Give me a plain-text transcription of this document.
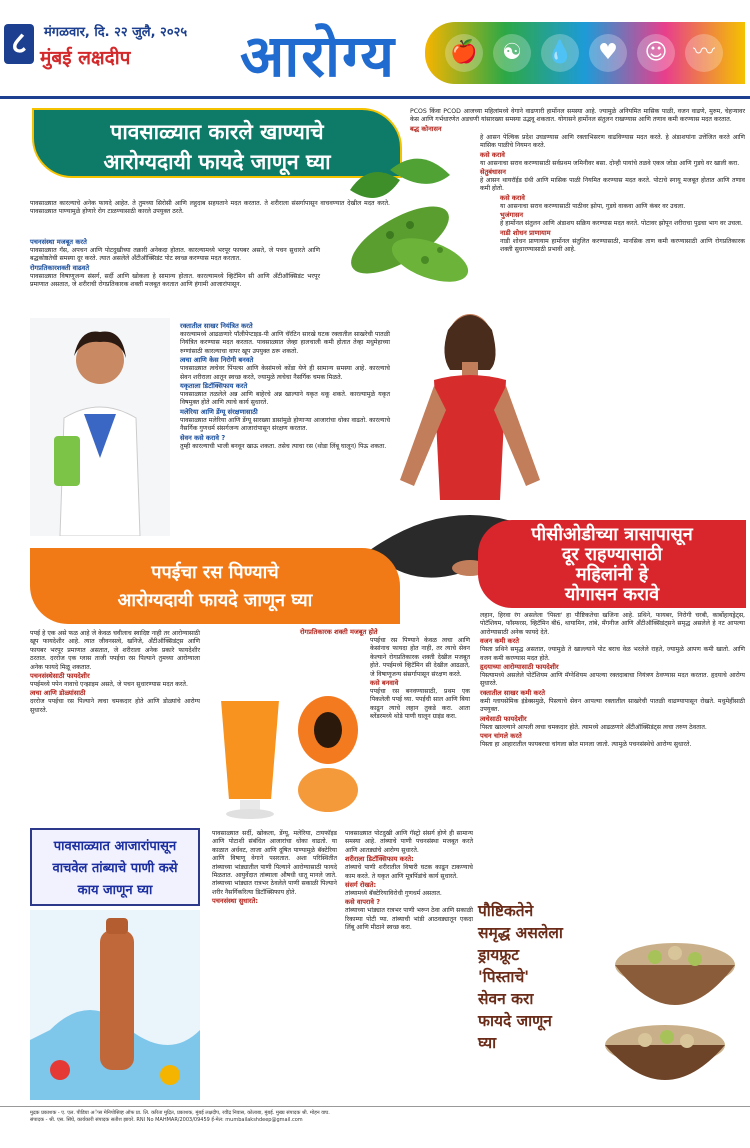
८	मंगळवार, दि. २२ जुलै, २०२५
मुंबई लक्षदीप आरोग्य 🍎	☯	💧	♥	☺	〰
पावसाळ्यात कारले खाण्याचे
आरोग्यदायी फायदे जाणून घ्या
पावसाळ्यात कारल्याचे अनेक फायदे आहेत. ते तुमच्या सिरोसी आणि लहुदाब सहयताने मदत करतात. ते शरीराला संसर्गापासून वाचवण्यात देखील मदत करते. पावसाळ्यात पाण्यामुळे होणारे रोग टाळण्यासाठी कारले उपयुक्त ठरते.
पचनसंस्था मजबूत करते
पावसाळ्यात गॅस, अपचन आणि पोटदुखीच्या तक्रारी अनेकदा होतात. कारल्यामध्ये भरपूर फायबर असते, जे पचन सुधारते आणि बद्धकोष्ठतेची समस्या दूर करते. त्यात असलेले अँटीऑक्सिडंट पोट स्वच्छ करण्यास मदत करतात.
रोगप्रतिकारशक्ती वाढवते
पावसाळ्यात विषाणूजन्य संसर्ग, सर्दी आणि खोकला हे सामान्य होतात. कारल्यामध्ये व्हिटॅमिन सी आणि अँटीऑक्सिडंट भरपूर प्रमाणात असतात, जे शरीराची रोगप्रतिकारक शक्ती मजबूत करतात आणि हंगामी आजारांपासून.
रक्तातील साखर नियंत्रित करते
कारल्यामध्ये आढळणारे पॉलीपेप्टाइड-पी आणि चॅरंटिन सारखे घटक रक्तातील साखरेची पातळी नियंत्रित करण्यास मदत करतात. पावसाळ्यात जेव्हा हालचाली कमी होतात तेव्हा मधुमेहाच्या रुग्णांसाठी कारल्याचा वापर खूप उपयुक्त ठरू शकतो.
त्वचा आणि केस निरोगी बनवते
पावसाळ्यात त्वचेवर पिंपल्स आणि केसांमध्ये कोंडा येणे ही सामान्य समस्या आहे. कारल्याचे सेवन शरीराला आतून स्वच्छ करते, ज्यामुळे त्वचेचा नैसर्गिक चमक मिळते.
यकृताला डिटॉक्सिफाय करते
पावसाळ्यात तळलेले अन्न आणि बाहेरचे अन्न खाल्याने यकृत थकू शकते. कारल्यामुळे यकृत विषमुक्त होते आणि त्याचे कार्य सुधारते.
मलेरिया आणि डेंग्यू संरक्षणासाठी
पावसाळ्यात मलेरिया आणि डेंग्यू सारख्या डासांमुळे होणाऱ्या आजारांचा धोका वाढतो. कारल्याचे नैसर्गिक गुणधर्म संसर्गजन्य आजारांपासून संरक्षण करतात.
सेवन कसे करावे ?
तुम्ही कारल्याची भाजी बनवून खाऊ शकता. तसेच त्याचा रस (थोडा लिंबू घालून) पिऊ शकता.
PCOS किंवा PCOD आजच्या महिलांमध्ये वेगाने वाढणारी हार्मोनल समस्या आहे. ज्यामुळे अनियमित मासिक पाळी, वजन वाढणे, मुरुम, चेहऱ्यावर केस आणि गर्भधारणेत अडचणी यांसारख्या समस्या उद्भवू शकतात. योगासने हार्मोनल संतुलन राखण्यास आणि तणाव कमी करण्यास मदत करतात.
बद्ध कोनासन
हे आसन पेल्विक प्रदेश उघडण्यास आणि रक्ताभिसरण वाढविण्यास मदत करते. हे अंडाशयांना उत्तेजित करते आणि मासिक पाळीचे नियमन करते.
कसे करावे
या आसनाचा सराव करण्यासाठी सर्वप्रथम जमिनीवर बसा. दोन्ही पायांचे तळवे एकत्र जोडा आणि गुडघे वर खाली करा.
सेतुबंधासन
हे आसन थायरॉईड ग्रंथी आणि मासिक पाळी नियमित करण्यास मदत करते. पोटाचे स्नायू मजबूत होतात आणि तणाव कमी होतो.
कसे करावे
या आसनाचा सराव करण्यासाठी पाठीवर झोपा, गुडघे वाकवा आणि कंबर वर उचला.
भुजंगासन
हे हार्मोनल संतुलन आणि अंडाशय सक्रिय करण्यास मदत करते. पोटावर झोपून शरीराचा पुढचा भाग वर उचला.
नाडी शोधन प्राणायाम
नाडी शोधन प्राणायाम हार्मोनल संतुलित करण्यासाठी, मानसिक ताण कमी करण्यासाठी आणि रोगप्रतिकारक शक्ती सुधारण्यासाठी प्रभावी आहे.
पीसीओडीच्या त्रासापासून
दूर राहण्यासाठी
महिलांनी हे
योगासन करावे
पपईचा रस पिण्याचे
आरोग्यदायी फायदे जाणून घ्या
पपई हे एक असे फळ आहे जे केवळ चवीलाच स्वादिष्ट नाही तर आरोग्यासाठी खूप फायदेशीर आहे. त्यात जीवनसत्वे, खनिजे, अँटीऑक्सिडंट्स आणि फायबर भरपूर प्रमाणात असतात, जे शरीराला अनेक प्रकारे फायदेशीर ठरतात. दररोज एक ग्लास ताजी पपईचा रस पिल्याने तुमच्या आरोग्याला अनेक फायदे मिळू शकतात.
पचनसंस्थेसाठी फायदेशीर
पपईमध्ये पपेन नावाचे एन्झाइम असते, जे पचन सुधारण्यास मदत करते.
त्वचा आणि डोळ्यांसाठी
दररोज पपईचा रस पिल्याने त्वचा चमकदार होते आणि डोळ्यांचे आरोग्य सुधारते.
रोगप्रतिकारक शक्ती मजबूत होते
पपईचा रस पिण्याने केवळ त्वचा आणि केसांनाच फायदा होत नाही, तर त्याचे सेवन केल्याने रोगप्रतिकारक शक्ती देखील मजबूत होते. पपईमध्ये व्हिटॅमिन सी देखील आढळते, जे विषाणूजन्य संसर्गापासून संरक्षण करते.
कसे बनवावे
पपईचा रस बनवण्यासाठी, प्रथम एक पिकलेली पपई घ्या. पपईची साल आणि बिया काढून त्याचे लहान तुकडे करा. आता ब्लेंडरमध्ये थोडे पाणी घालून ग्राइंड करा.
लहान, हिरवा रंग असलेला 'पिस्ता' हा पौष्टिकतेचा खजिना आहे. प्रथिने, फायबर, निरोगी चरबी, कार्बोहायड्रेट्स, पोटॅशियम, फॉस्फरस, व्हिटॅमिन बी6, थायामिन, तांबे, मॅंगनीज आणि अँटीऑक्सिडंट्सने समृद्ध असलेले हे नट आपल्या आरोग्यासाठी अनेक फायदे देते.
वजन कमी करते
पिस्ता प्रथिने समृद्ध असतात, ज्यामुळे ते खाल्ल्याने पोट बराच वेळ भरलेले राहते, ज्यामुळे आपण कमी खातो. आणि वजन कमी करण्यास मदत होते.
हृदयाच्या आरोग्यासाठी फायदेशीर
पिस्त्यामध्ये असलेले पोटॅशियम आणि मॅग्नेशियम आपल्या रक्तदाबाचा नियंत्रण ठेवण्यास मदत करतात. हृदयाचे आरोग्य सुधारते.
रक्तातील साखर कमी करते
कमी ग्लायसेमिक इंडेक्समुळे, पिस्त्याचे सेवन आपल्या रक्तातील साखरेची पातळी वाढण्यापासून रोखते. मधुमेहींसाठी उपयुक्त.
त्वचेसाठी फायदेशीर
पिस्ता खाल्ल्याने आपली त्वचा चमकदार होते. त्यामध्ये आढळणारे अँटीऑक्सिडंट्स त्वचा तरुण ठेवतात.
पचन चांगले करते
पिस्ता हा आहारातील फायबरचा चांगला स्रोत मानला जातो. त्यामुळे पचनसंस्थेचे आरोग्य सुधारते.
पौष्टिकतेने
समृद्ध असलेला
ड्रायफ्रूट
'पिस्ताचे'
सेवन करा
फायदे जाणून
घ्या
पावसाळ्यात आजारांपासून
वाचवेल तांब्याचे पाणी कसे
काय जाणून घ्या
पावसाळ्यात सर्दी, खोकला, डेंग्यू, मलेरिया, टायफॉइड आणि पोटाशी संबंधित आजारांचा धोका वाढतो. या काळात अर्धवट, ताजा आणि दूषित पाण्यामुळे बॅक्टेरिया आणि विषाणू वेगाने पसरतात. अशा परिस्थितीत तांब्याच्या भांड्यातील पाणी पिल्याने आरोग्यासाठी फायदे मिळतात. आयुर्वेदात तांब्याला औषधी धातू मानले जाते. तांब्याच्या भांड्यात रात्रभर ठेवलेले पाणी सकाळी पिल्याने शरीर नैसर्गिकरित्या डिटॉक्सिफाय होते.
पचनसंस्था सुधारते:
पावसाळ्यात पोटदुखी आणि गॅस्ट्रो संसर्ग होणे ही सामान्य समस्या आहे. तांब्याचे पाणी पचनसंस्था मजबूत करते आणि आतड्यांचे आरोग्य सुधारते.
शरीराला डिटॉक्सिफाय करते:
तांब्याचे पाणी शरीरातील विषारी घटक काढून टाकण्याचे काम करते. ते यकृत आणि मूत्रपिंडांचे कार्य सुधारते.
संसर्ग रोखते:
तांब्यामध्ये बॅक्टेरियाविरोधी गुणधर्म असतात.
कसे वापरावे ?
तांब्याच्या भांड्यात रात्रभर पाणी भरून ठेवा आणि सकाळी रिकाम्या पोटी प्या. तांब्याची भांडी आठवड्यातून एकदा लिंबू आणि मीठाने स्वच्छ करा.

मुद्रक प्रकाशक - ए. एल. पीडिया अॅप्स मेनिपोसिव्ह ऑफ प्रा. लि. करिता मुद्रित, प्रकाशक, मुंबई लक्षदीप, रवींद्र निवास, कोलाबा, मुंबई. मुख्य संपादक श्री. मोहन वाघ.

संपादक - श्री. एस. सिंघे, कार्यकारी संपादक सतीश झावरे. RNI No MAHMAR/2003/09459 ई-मेल: mumbailakshdeep@gmail.com
